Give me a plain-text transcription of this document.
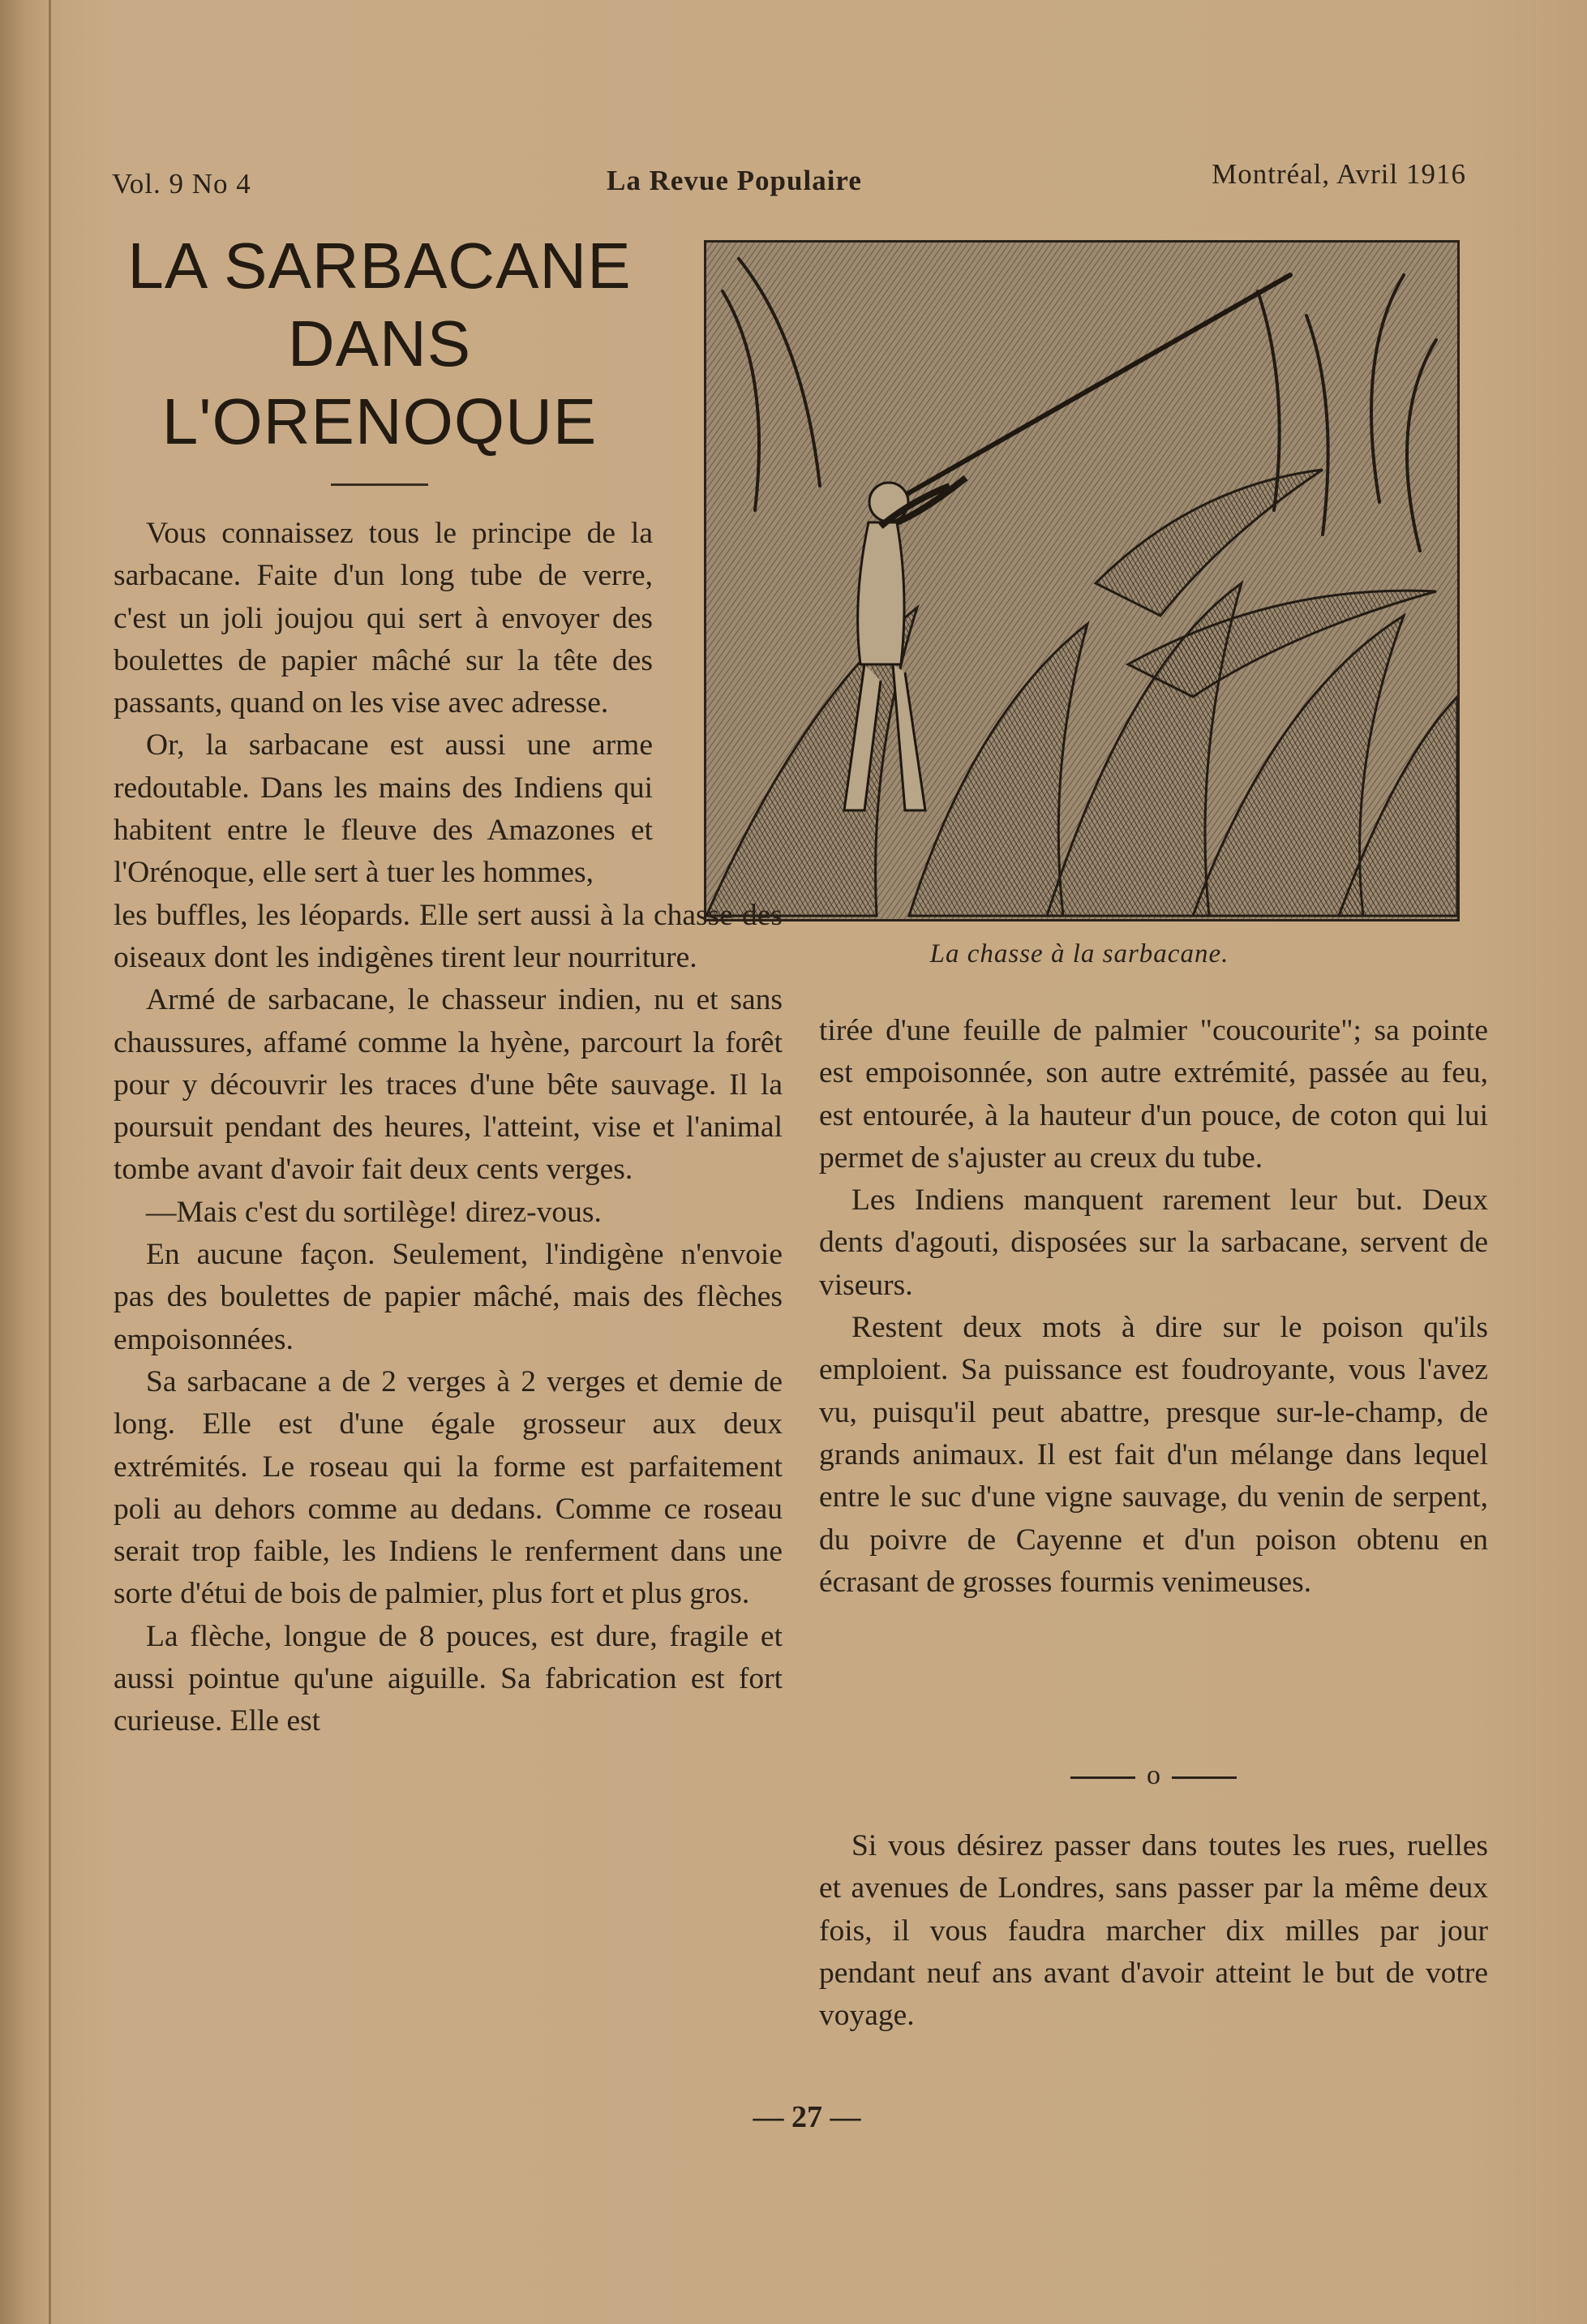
Vol. 9 No 4	La Revue Populaire	Montréal, Avril 1916
LA SARBACANE
DANS
L'ORENOQUE
La chasse à la sarbacane.

Vous connaissez tous le principe de la sarbacane. Faite d'un long tube de verre, c'est un joli joujou qui sert à envoyer des boulettes de papier mâché sur la tête des passants, quand on les vise avec adresse.

Or, la sarbacane est aussi une arme redoutable. Dans les mains des Indiens qui habitent entre le fleuve des Amazones et l'Orénoque, elle sert à tuer les hommes,

les buffles, les léopards. Elle sert aussi à la chasse des oiseaux dont les indigènes tirent leur nourriture.

Armé de sarbacane, le chasseur indien, nu et sans chaussures, affamé comme la hyène, parcourt la forêt pour y découvrir les traces d'une bête sauvage. Il la poursuit pendant des heures, l'atteint, vise et l'animal tombe avant d'avoir fait deux cents verges.

—Mais c'est du sortilège! direz-vous.

En aucune façon. Seulement, l'indigène n'envoie pas des boulettes de papier mâché, mais des flèches empoisonnées.

Sa sarbacane a de 2 verges à 2 verges et demie de long. Elle est d'une égale grosseur aux deux extrémités. Le roseau qui la forme est parfaitement poli au dehors comme au dedans. Comme ce roseau serait trop faible, les Indiens le renferment dans une sorte d'étui de bois de palmier, plus fort et plus gros.

La flèche, longue de 8 pouces, est dure, fragile et aussi pointue qu'une aiguille. Sa fabrication est fort curieuse. Elle est

tirée d'une feuille de palmier "coucourite"; sa pointe est empoisonnée, son autre extrémité, passée au feu, est entourée, à la hauteur d'un pouce, de coton qui lui permet de s'ajuster au creux du tube.

Les Indiens manquent rarement leur but. Deux dents d'agouti, disposées sur la sarbacane, servent de viseurs.

Restent deux mots à dire sur le poison qu'ils emploient. Sa puissance est foudroyante, vous l'avez vu, puisqu'il peut abattre, presque sur-le-champ, de grands animaux. Il est fait d'un mélange dans lequel entre le suc d'une vigne sauvage, du venin de serpent, du poivre de Cayenne et d'un poison obtenu en écrasant de grosses fourmis venimeuses.

o

Si vous désirez passer dans toutes les rues, ruelles et avenues de Londres, sans passer par la même deux fois, il vous faudra marcher dix milles par jour pendant neuf ans avant d'avoir atteint le but de votre voyage.

— 27 —
